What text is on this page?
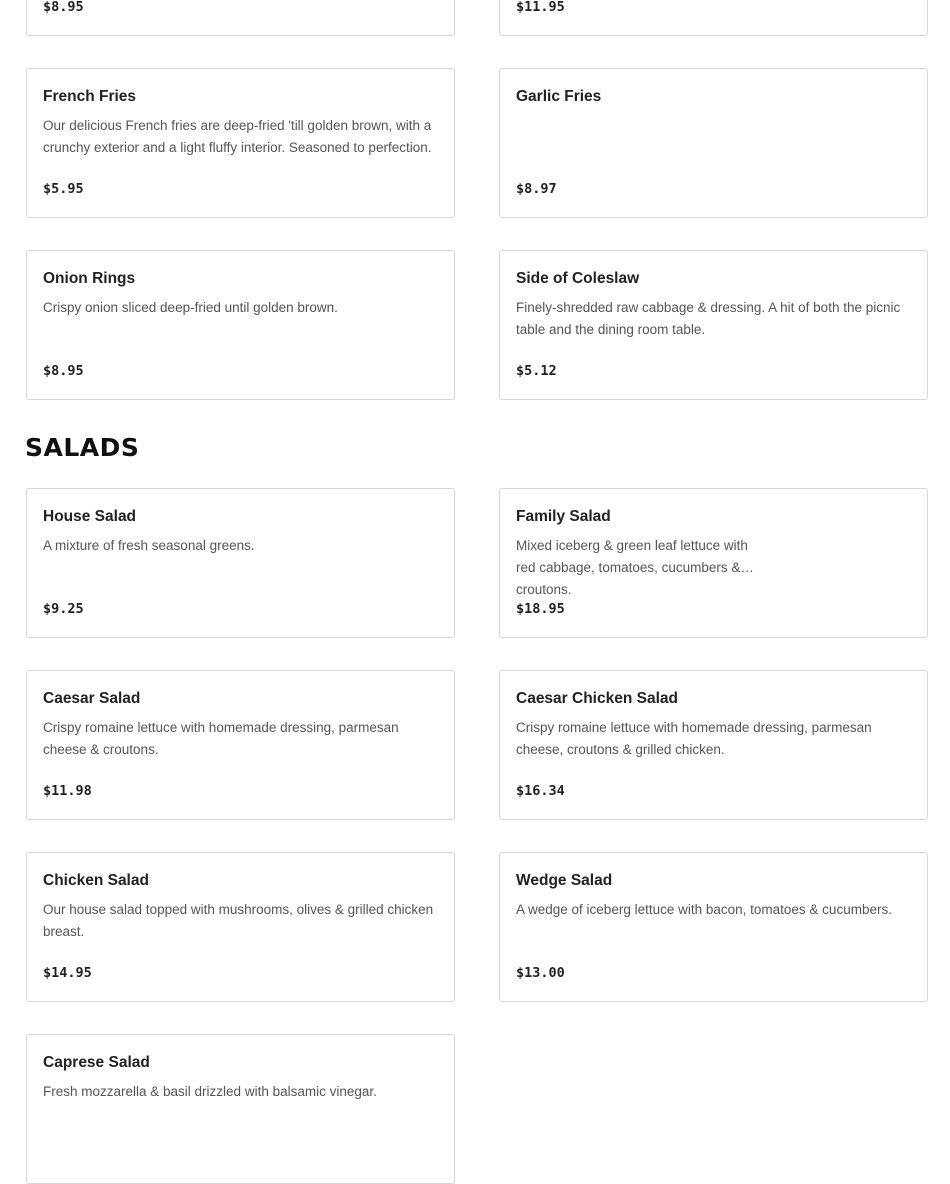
$8.95	$11.95
French Fries
Our delicious French fries are deep-fried 'till golden brown, with a crunchy exterior and a light fluffy interior. Seasoned to perfection.
$5.95
Garlic Fries
$8.97
Onion Rings
Crispy onion sliced deep-fried until golden brown.
$8.95
Side of Coleslaw
Finely-shredded raw cabbage & dressing. A hit of both the picnic table and the dining room table.
$5.12
SALADS
House Salad
A mixture of fresh seasonal greens.
$9.25
Family Salad
Mixed iceberg & green leaf lettuce with red cabbage, tomatoes, cucumbers & croutons.
$18.95
Caesar Salad
Crispy romaine lettuce with homemade dressing, parmesan cheese & croutons.
$11.98
Caesar Chicken Salad
Crispy romaine lettuce with homemade dressing, parmesan cheese, croutons & grilled chicken.
$16.34
Chicken Salad
Our house salad topped with mushrooms, olives & grilled chicken breast.
$14.95
Wedge Salad
A wedge of iceberg lettuce with bacon, tomatoes & cucumbers.
$13.00
Caprese Salad
Fresh mozzarella & basil drizzled with balsamic vinegar.
